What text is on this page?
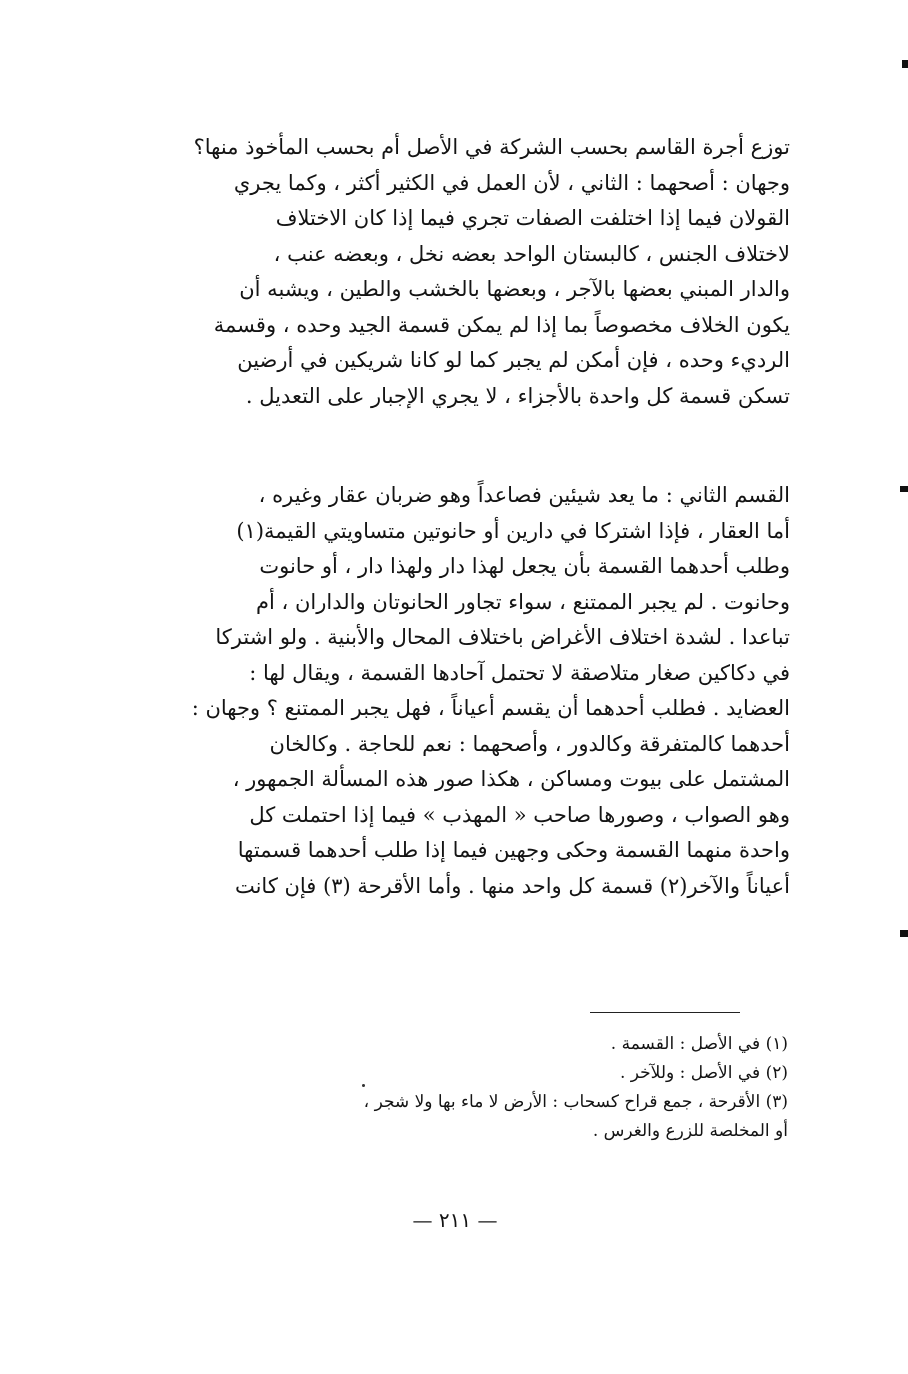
توزع أجرة القاسم بحسب الشركة في الأصل أم بحسب المأخوذ منها؟
وجهان : أصحهما : الثاني ، لأن العمل في الكثير أكثر ، وكما يجري
القولان فيما إذا اختلفت الصفات تجري فيما إذا كان الاختلاف
لاختلاف الجنس ، كالبستان الواحد بعضه نخل ، وبعضه عنب ،
والدار المبني بعضها بالآجر ، وبعضها بالخشب والطين ، ويشبه أن
يكون الخلاف مخصوصاً بما إذا لم يمكن قسمة الجيد وحده ، وقسمة
الرديء وحده ، فإن أمكن لم يجبر كما لو كانا شريكين في أرضين
تسكن قسمة كل واحدة بالأجزاء ، لا يجري الإجبار على التعديل .
القسم الثاني : ما يعد شيئين فصاعداً وهو ضربان عقار وغيره ،
أما العقار ، فإذا اشتركا في دارين أو حانوتين متساويتي القيمة(١)
وطلب أحدهما القسمة بأن يجعل لهذا دار ولهذا دار ، أو حانوت
وحانوت . لم يجبر الممتنع ، سواء تجاور الحانوتان والداران ، أم
تباعدا . لشدة اختلاف الأغراض باختلاف المحال والأبنية . ولو اشتركا
في دكاكين صغار متلاصقة لا تحتمل آحادها القسمة ، ويقال لها :
العضايد . فطلب أحدهما أن يقسم أعياناً ، فهل يجبر الممتنع ؟ وجهان :
أحدهما كالمتفرقة وكالدور ، وأصحهما : نعم للحاجة . وكالخان
المشتمل على بيوت ومساكن ، هكذا صور هذه المسألة الجمهور ،
وهو الصواب ، وصورها صاحب « المهذب » فيما إذا احتملت كل
واحدة منهما القسمة وحكى وجهين فيما إذا طلب أحدهما قسمتها
أعياناً والآخر(٢) قسمة كل واحد منها . وأما الأقرحة (٣) فإن كانت
(١) في الأصل : القسمة .
(٢) في الأصل : وللآخر .
(٣) الأقرحة ، جمع قراح كسحاب : الأرض لا ماء بها ولا شجر ،
أو المخلصة للزرع والغرس .
— ٢١١ —
